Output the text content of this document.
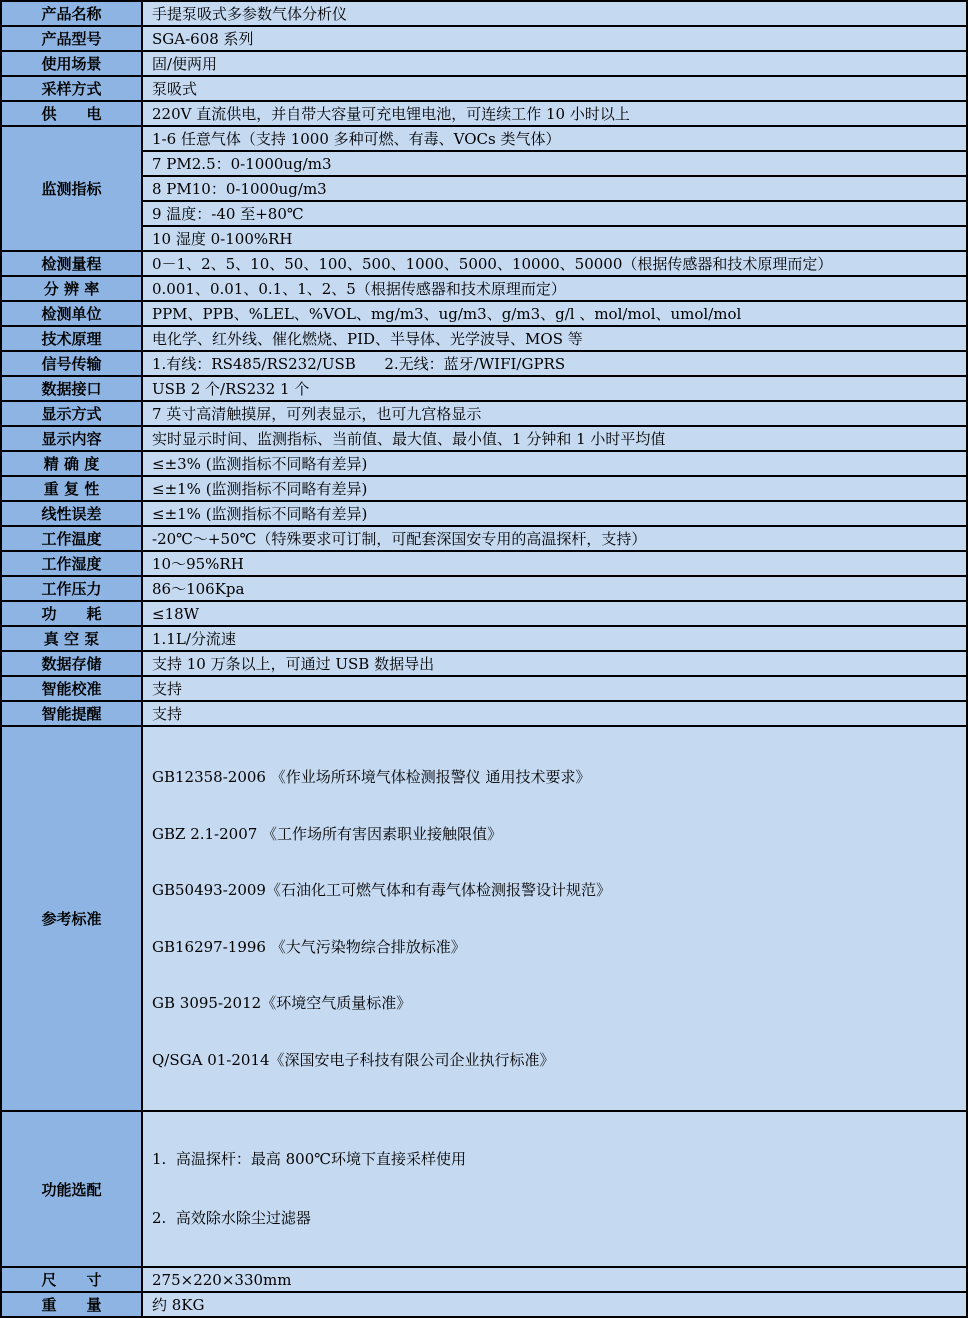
产品名称	手提泵吸式多参数气体分析仪
产品型号	SGA-608 系列
使用场景	固/便两用
采样方式	泵吸式
供　　电	220V 直流供电，并自带大容量可充电锂电池，可连续工作 10 小时以上
监测指标	1-6 任意气体（支持 1000 多种可燃、有毒、VOCs 类气体）
	7 PM2.5：0-1000ug/m3
	8 PM10：0-1000ug/m3
	9 温度：-40 至+80℃
	10 湿度 0-100%RH
检测量程	0－1、2、5、10、50、100、500、1000、5000、10000、50000（根据传感器和技术原理而定）
分 辨 率	0.001、0.01、0.1、1、2、5（根据传感器和技术原理而定）
检测单位	PPM、PPB、%LEL、%VOL、mg/m3、ug/m3、g/m3、g/l 、mol/mol、umol/mol
技术原理	电化学、红外线、催化燃烧、PID、半导体、光学波导、MOS 等
信号传输	1.有线：RS485/RS232/USB      2.无线：蓝牙/WIFI/GPRS
数据接口	USB 2 个/RS232 1 个
显示方式	7 英寸高清触摸屏，可列表显示，也可九宫格显示
显示内容	实时显示时间、监测指标、当前值、最大值、最小值、1 分钟和 1 小时平均值
精 确 度	≤±3% (监测指标不同略有差异)
重 复 性	≤±1% (监测指标不同略有差异)
线性误差	≤±1% (监测指标不同略有差异)
工作温度	-20℃～+50℃（特殊要求可订制，可配套深国安专用的高温探杆，支持）
工作湿度	10～95%RH
工作压力	86～106Kpa
功　　耗	≤18W
真 空 泵	1.1L/分流速
数据存储	支持 10 万条以上，可通过 USB 数据导出
智能校准	支持
智能提醒	支持
参考标准	

GB12358-2006 《作业场所环境气体检测报警仪 通用技术要求》

GBZ 2.1-2007 《工作场所有害因素职业接触限值》

GB50493-2009《石油化工可燃气体和有毒气体检测报警设计规范》

GB16297-1996 《大气污染物综合排放标准》

GB 3095-2012《环境空气质量标准》

Q/SGA 01-2014《深国安电子科技有限公司企业执行标准》

功能选配	1.  高温探杆：最高 800℃环境下直接采样使用

2.  高效除水除尘过滤器

尺　　寸	275×220×330mm
重　　量	约 8KG
